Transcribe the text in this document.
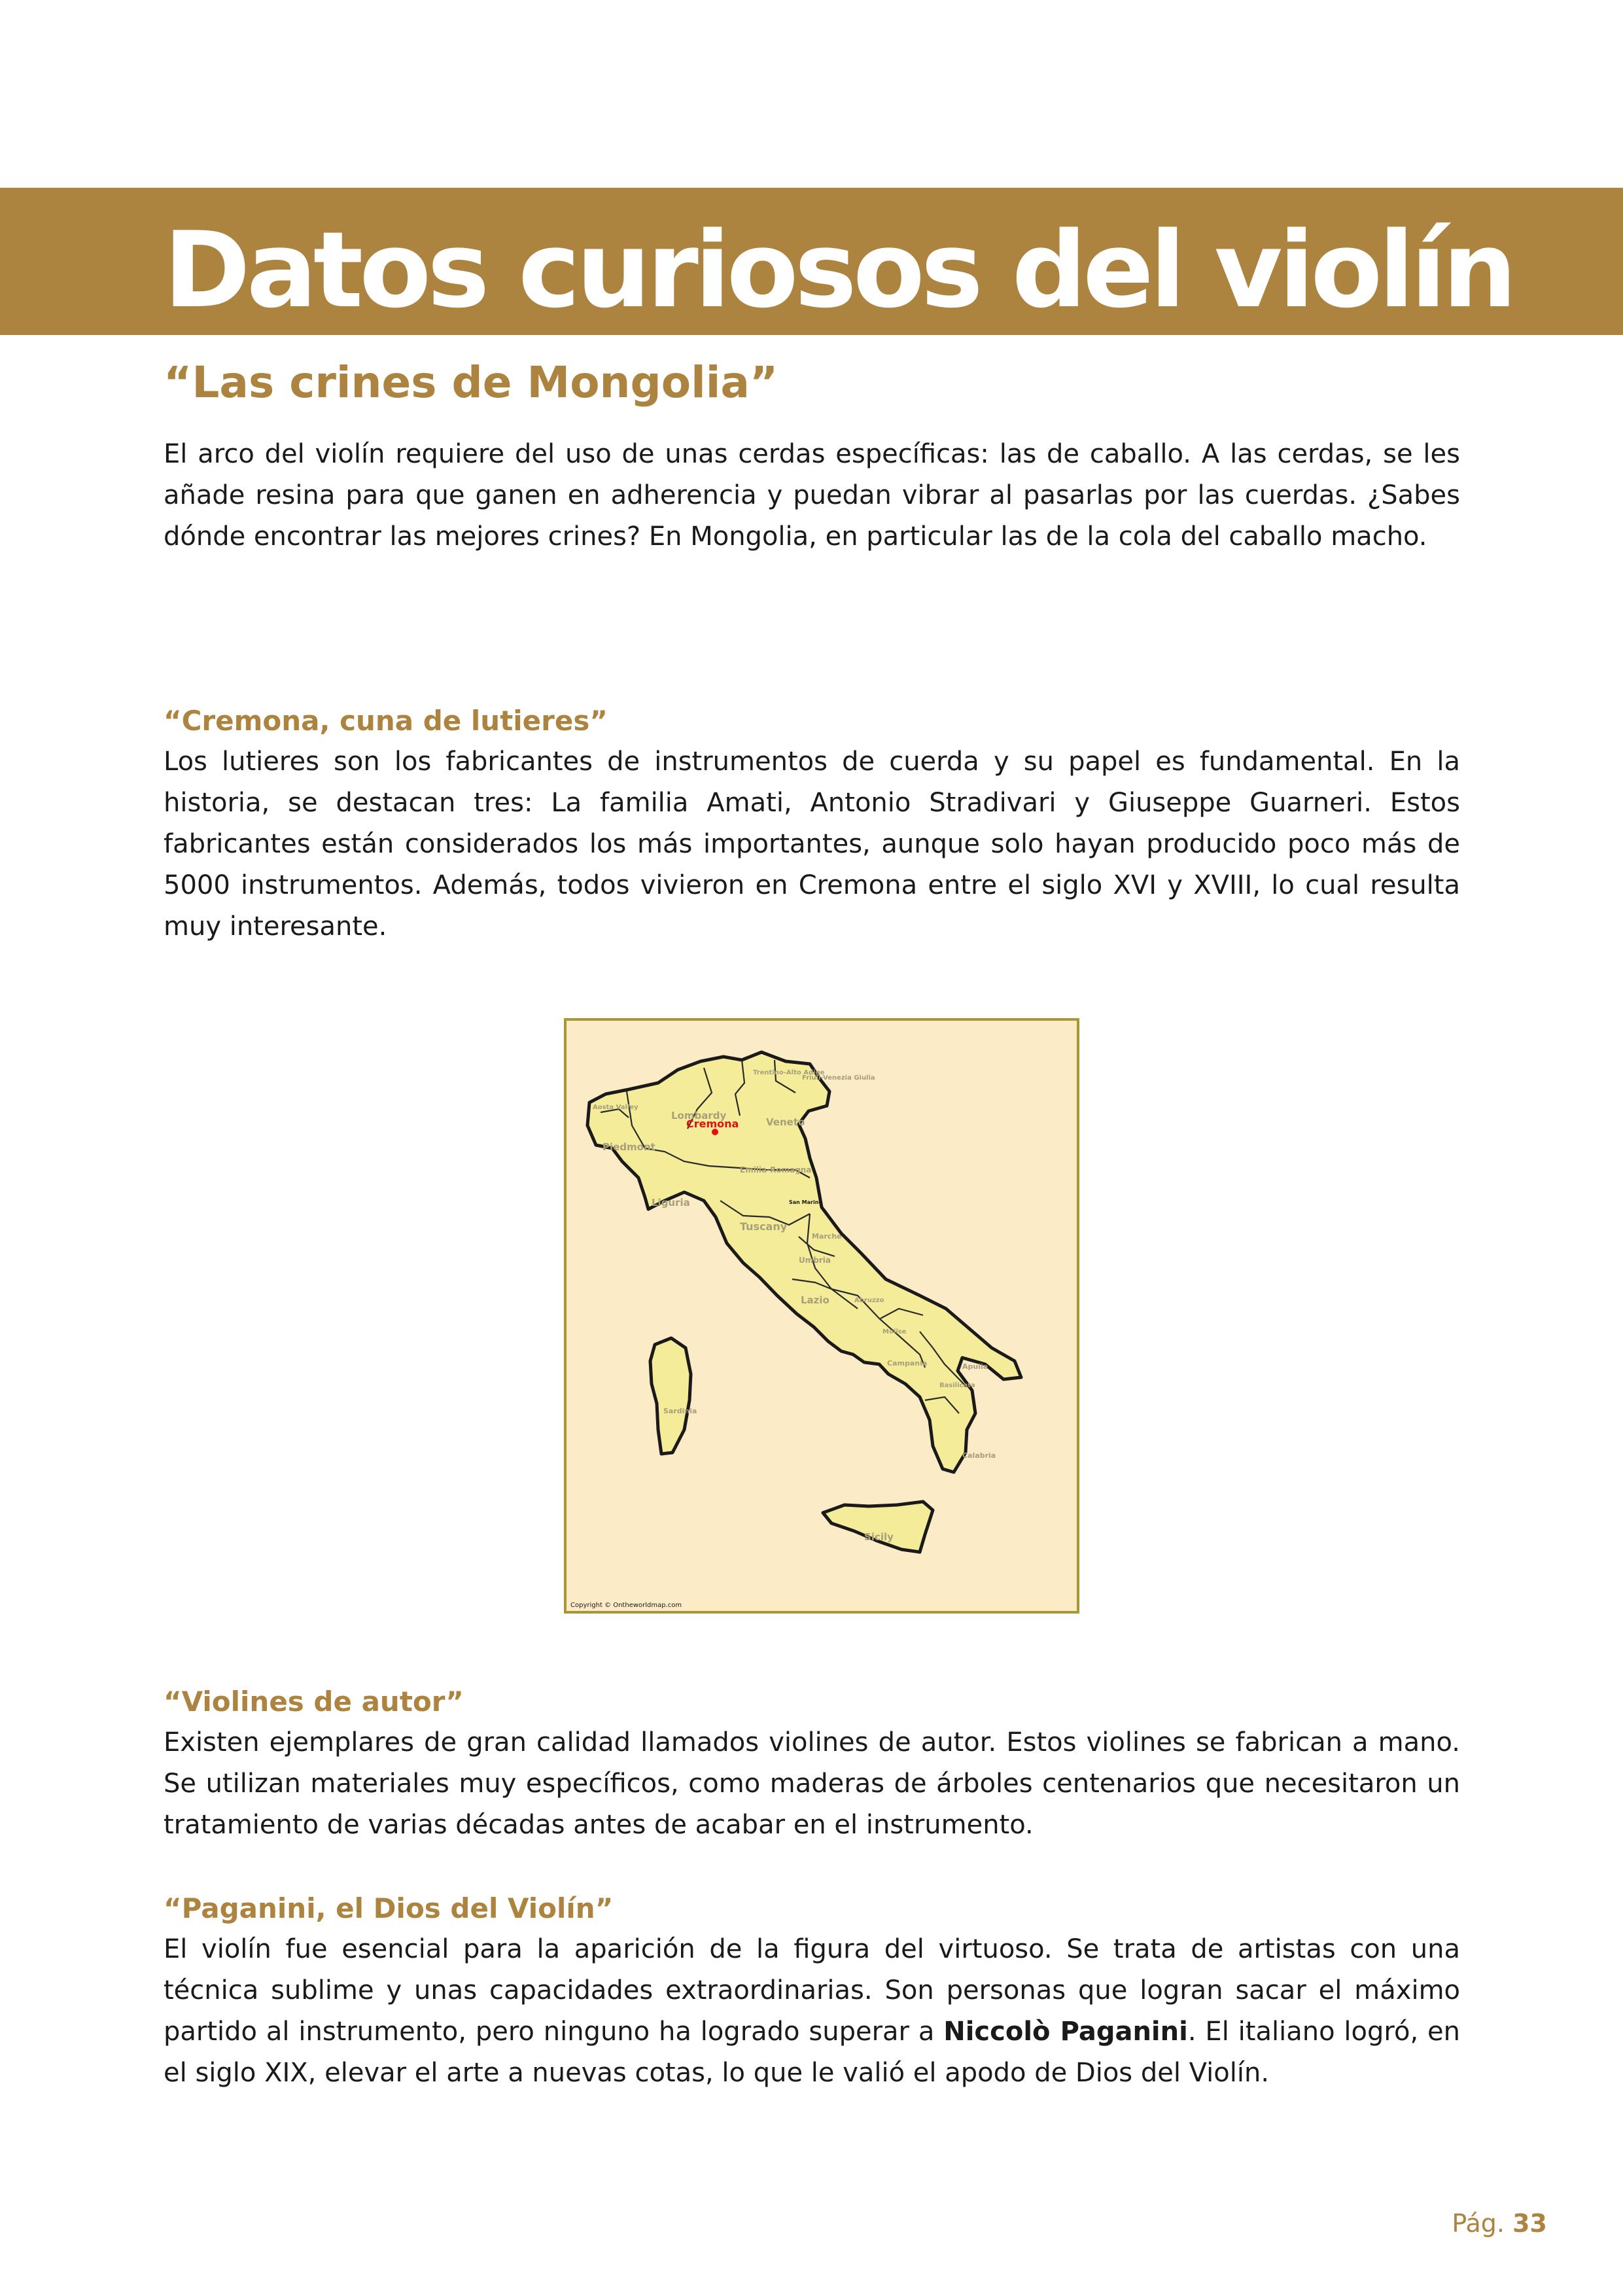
Datos curiosos del violín
“Las crines de Mongolia”

El arco del violín requiere del uso de unas cerdas específicas: las de caballo. A las cerdas, se les añade resina para que ganen en adherencia y puedan vibrar al pasarlas por las cuerdas. ¿Sabes dónde encontrar las mejores crines? En Mongolia, en particular las de la cola del caballo macho.

“Cremona, cuna de lutieres”

Los lutieres son los fabricantes de instrumentos de cuerda y su papel es fundamental. En la historia, se destacan tres: La familia Amati, Antonio Stradivari y Giuseppe Guarneri. Estos fabricantes están considerados los más importantes, aunque solo hayan producido poco más de 5000 instrumentos. Además, todos vivieron en Cremona entre el siglo XVI y XVIII, lo cual resulta muy interesante.

Trentino-Alto Adige
Friuli-Venezia Giulia
Lombardy
Veneto
Piedmont
Aosta Valley
Emilia-Romagna
Liguria	San Marino
Tuscany
Marche
Umbria
Lazio	Abruzzo
Molise
Campania	Apulia
Basilicata
Calabria
Sardinia
Sicily
Cremona
Copyright © Ontheworldmap.com
“Violines de autor”

Existen ejemplares de gran calidad llamados violines de autor. Estos violines se fabrican a mano. Se utilizan materiales muy específicos, como maderas de árboles centenarios que necesitaron un tratamiento de varias décadas antes de acabar en el instrumento.

“Paganini, el Dios del Violín”

El violín fue esencial para la aparición de la figura del virtuoso. Se trata de artistas con una técnica sublime y unas capacidades extraordinarias. Son personas que logran sacar el máximo partido al instrumento, pero ninguno ha logrado superar a Niccolò Paganini. El italiano logró, en el siglo XIX, elevar el arte a nuevas cotas, lo que le valió el apodo de Dios del Violín.

Pág. 33
